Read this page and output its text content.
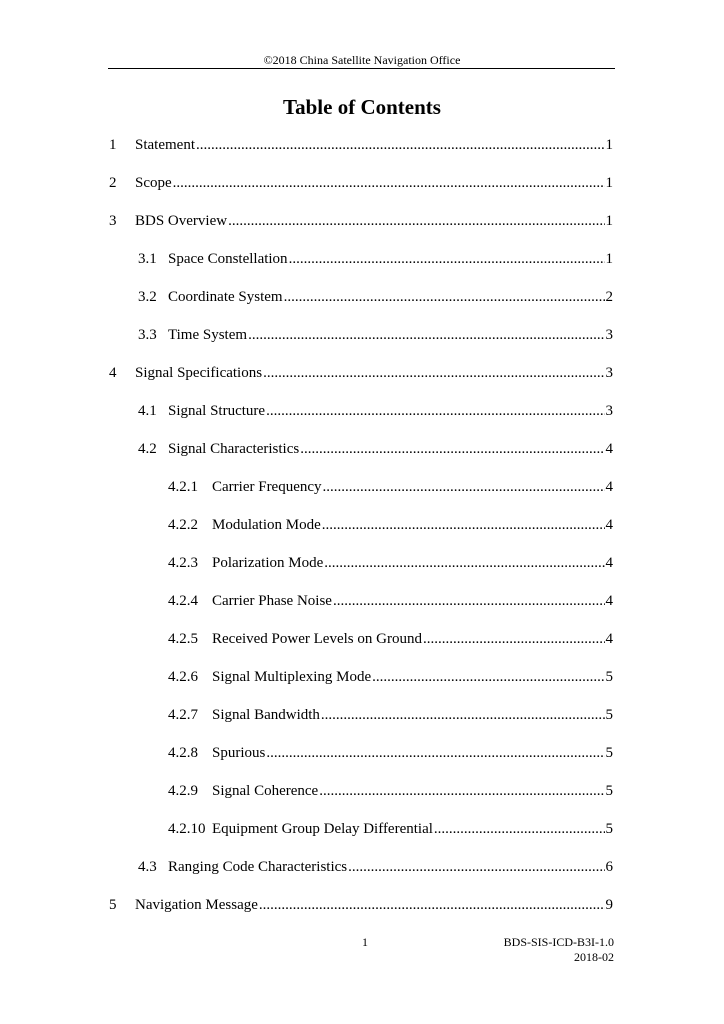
©2018 China Satellite Navigation Office
Table of Contents
1	Statement .....	1
2	Scope .....	1
3	BDS Overview .....	1
3.1 Space Constellation .....	1
3.2 Coordinate System .....	2
3.3 Time System .....	3
4	Signal Specifications .....	3
4.1 Signal Structure .....	3
4.2 Signal Characteristics .....	4
4.2.1 Carrier Frequency .....	4
4.2.2 Modulation Mode .....	4
4.2.3 Polarization Mode .....	4
4.2.4 Carrier Phase Noise .....	4
4.2.5 Received Power Levels on Ground .....	4
4.2.6 Signal Multiplexing Mode .....	5
4.2.7 Signal Bandwidth .....	5
4.2.8 Spurious .....	5
4.2.9 Signal Coherence .....	5
4.2.10 Equipment Group Delay Differential .....	5
4.3 Ranging Code Characteristics .....	6
5	Navigation Message .....	9
1	BDS-SIS-ICD-B3I-1.0
2018-02
